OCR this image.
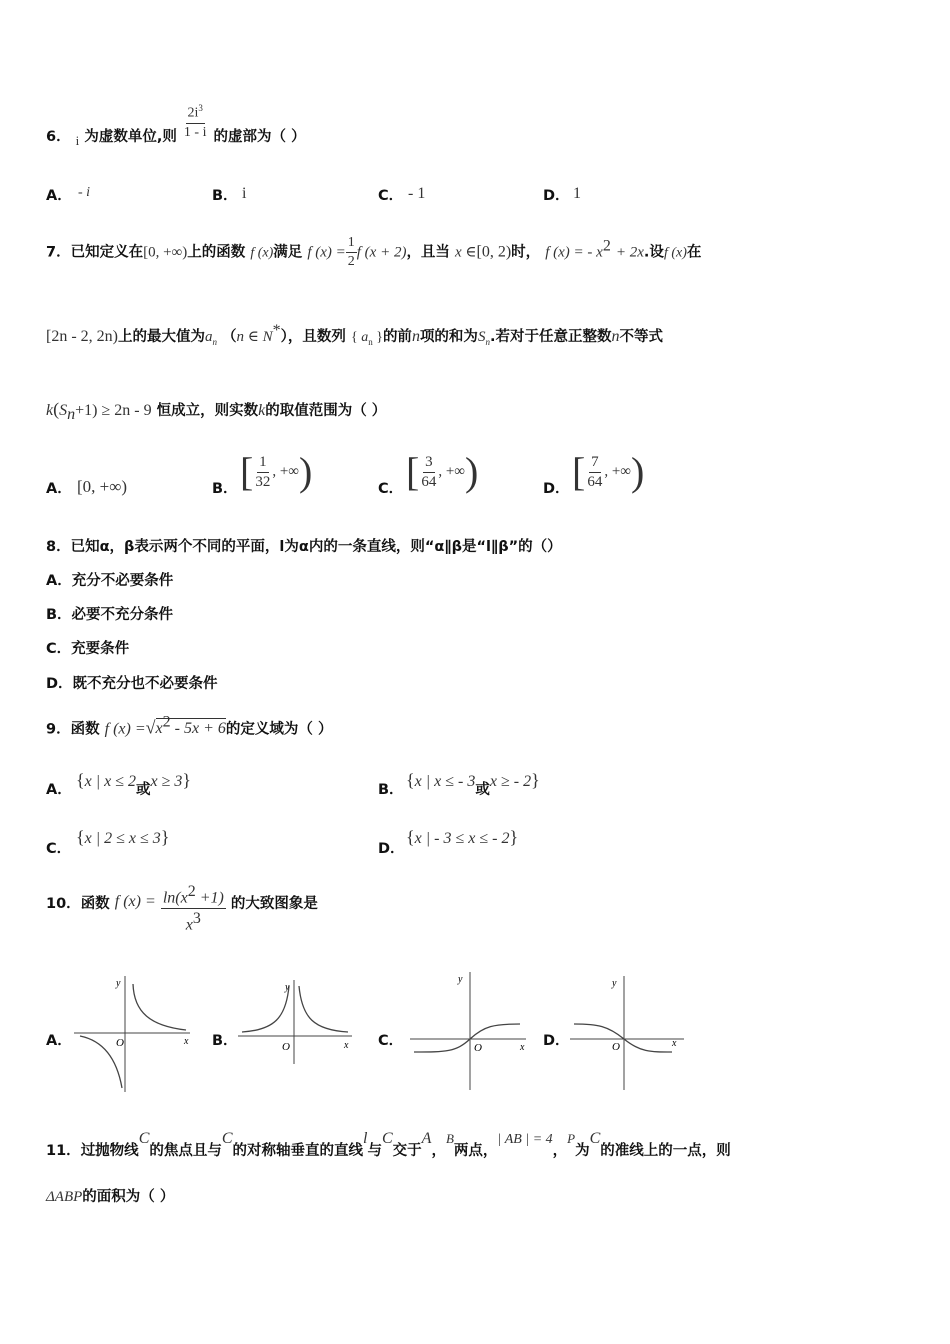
6． i 为虚数单位,则 $\frac{2i^3}{1 - i}$ 的虚部为（ ）
A． - i	B． i	C． - 1	D． 1
7．已知定义在[0, +∞)上的函数 f (x)满足 f $(x) = \frac{1}{2}$ f (x + 2)，且当 x ∈[0, 2)时， f (x) = - $x^2 + 2x$.设f (x)在
[2n - 2, 2n)上的最大值为$a_n$ （n ∈ N*），且数列 { $a_n$ }的前n项的和为$S_n$.若对于任意正整数n不等式
$k(S_n+1) \ge 2n - 9$ 恒成立，则实数k的取值范围为（ ）
A． [0, +∞)	B． [ $\frac{1}{32}$ , +∞)	C． [ $\frac{3}{64}$ , +∞)	D． [ $\frac{7}{64}$ , +∞)
8．已知α，β表示两个不同的平面，l为α内的一条直线，则“α∥β是“l∥β”的（）
A．充分不必要条件
B．必要不充分条件
C．充要条件
D．既不充分也不必要条件
9．函数 f $(x) =√x^2 - 5x + 6$的定义域为（ ）
A． {x | x ≤ 2或x ≥ 3}	B． {x | x ≤ - 3或x ≥ - 2}
C．
{x | 2 ≤ x ≤ 3}
D．
{x | - 3 ≤ x ≤ - 2}
10．函数 f $(x) = \frac{\ln(x^2 +1)}{x^3}$ 的大致图象是
A．	B．	C．	D．
y
x
O
y
x
O
y
x
O
y
x
O
11．过抛物线C的焦点且与C的对称轴垂直的直线l与C交于A，B两点，| AB | = 4，P为C的准线上的一点，则
ΔABP的面积为（ ）
